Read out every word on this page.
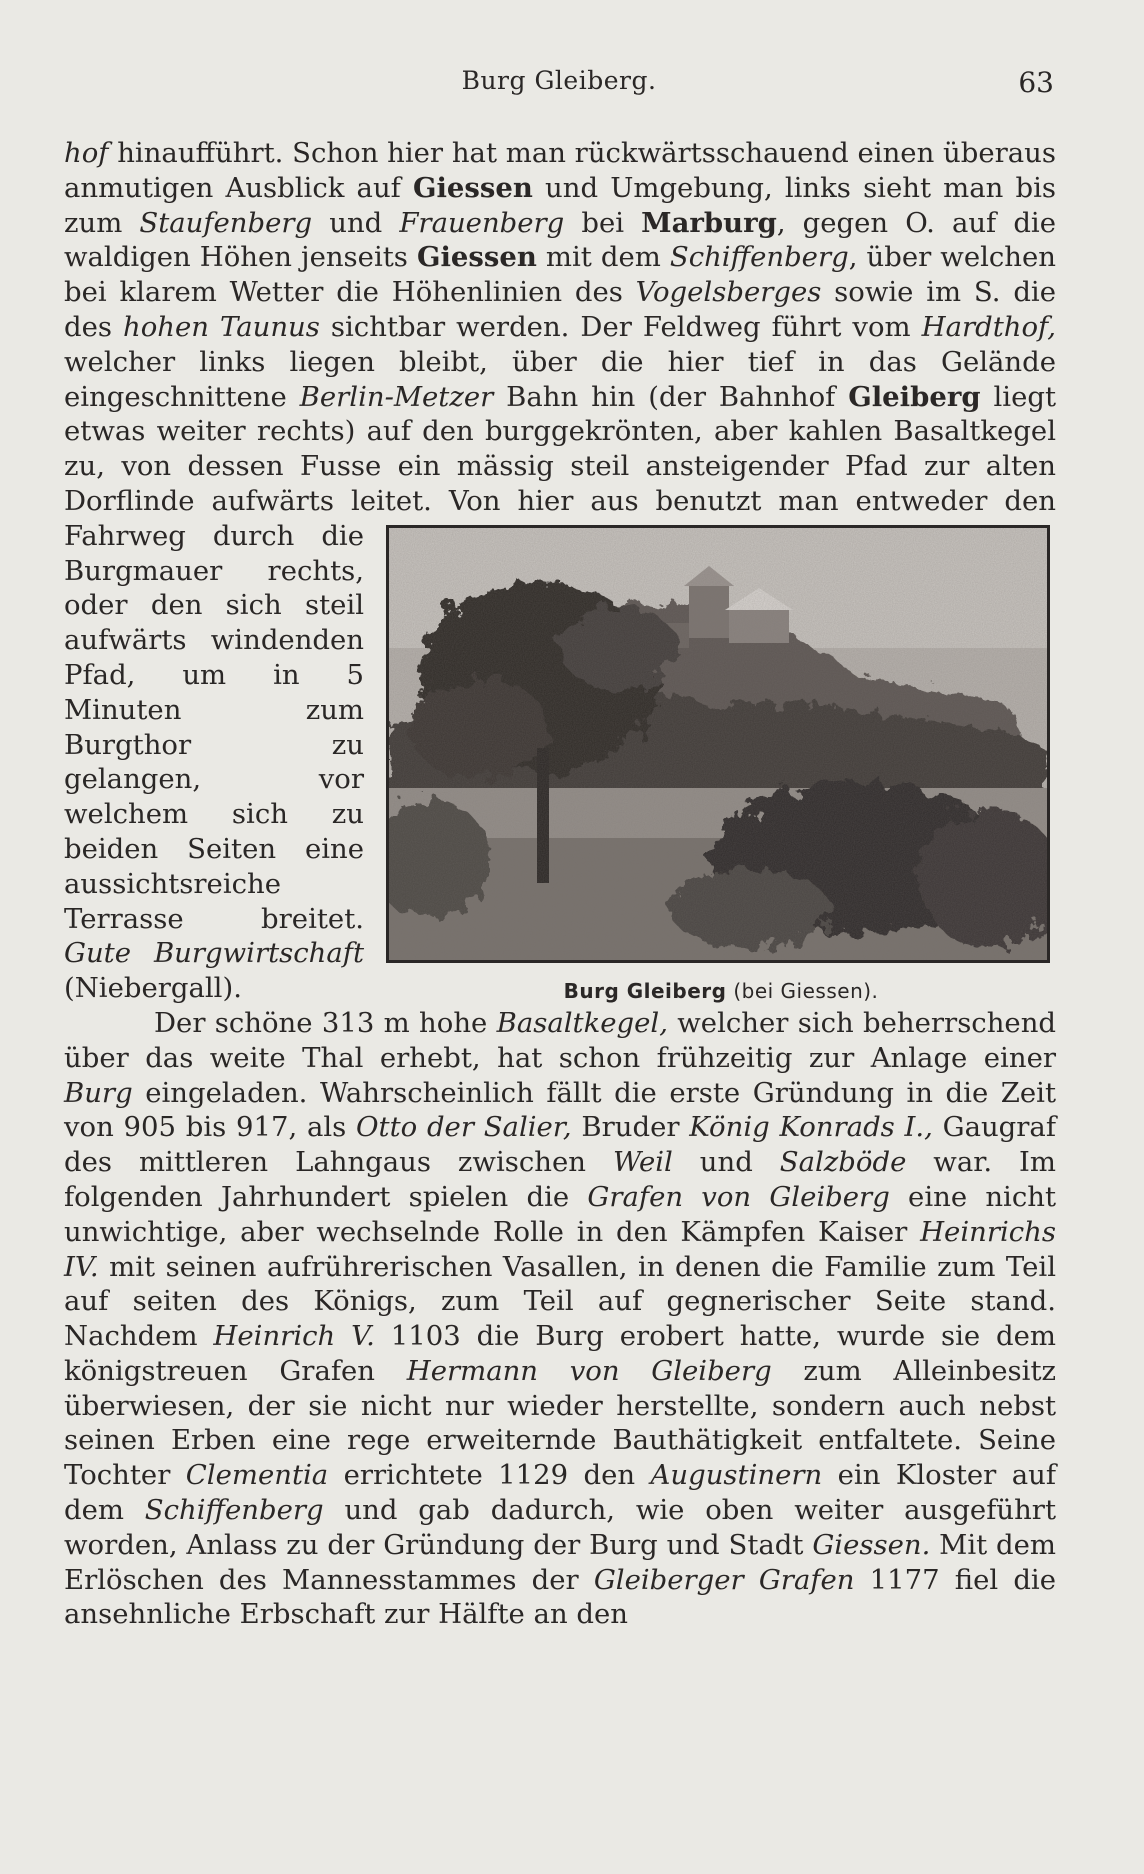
Burg Gleiberg.	63

hof hinaufführt. Schon hier hat man rückwärtsschauend einen überaus anmutigen Ausblick auf Giessen und Umgebung, links sieht man bis zum Staufenberg und Frauenberg bei Marburg, gegen O. auf die waldigen Höhen jenseits Giessen mit dem Schiffenberg, über welchen bei klarem Wetter die Höhenlinien des Vogelsberges sowie im S. die des hohen Taunus sichtbar werden. Der Feldweg führt vom Hardthof, welcher links liegen bleibt, über die hier tief in das Gelände eingeschnittene Berlin-Metzer Bahn hin (der Bahnhof Gleiberg liegt etwas weiter rechts) auf den burggekrönten, aber kahlen Basaltkegel zu, von dessen Fusse ein mässig steil ansteigender Pfad zur alten Dorflinde aufwärts leitet. Von hier aus benutzt man entweder
Burg Gleiberg (bei Giessen).
den Fahrweg durch die Burgmauer rechts, oder den sich steil aufwärts windenden Pfad, um in 5 Minuten zum Burgthor zu gelangen, vor welchem sich zu beiden Seiten eine aussichtsreiche Terrasse breitet. Gute Burgwirtschaft (Niebergall).

Der schöne 313 m hohe Basaltkegel, welcher sich beherrschend über das weite Thal erhebt, hat schon frühzeitig zur Anlage einer Burg eingeladen. Wahrscheinlich fällt die erste Gründung in die Zeit von 905 bis 917, als Otto der Salier, Bruder König Konrads I., Gaugraf des mittleren Lahngaus zwischen Weil und Salzböde war. Im folgenden Jahrhundert spielen die Grafen von Gleiberg eine nicht unwichtige, aber wechselnde Rolle in den Kämpfen Kaiser Heinrichs IV. mit seinen aufrührerischen Vasallen, in denen die Familie zum Teil auf seiten des Königs, zum Teil auf gegnerischer Seite stand. Nachdem Heinrich V. 1103 die Burg erobert hatte, wurde sie dem königstreuen Grafen Hermann von Gleiberg zum Alleinbesitz überwiesen, der sie nicht nur wieder herstellte, sondern auch nebst seinen Erben eine rege erweiternde Bauthätigkeit entfaltete. Seine Tochter Clementia errichtete 1129 den Augustinern ein Kloster auf dem Schiffenberg und gab dadurch, wie oben weiter ausgeführt worden, Anlass zu der Gründung der Burg und Stadt Giessen. Mit dem Erlöschen des Mannesstammes der Gleiberger Grafen 1177 fiel die ansehnliche Erbschaft zur Hälfte an den
